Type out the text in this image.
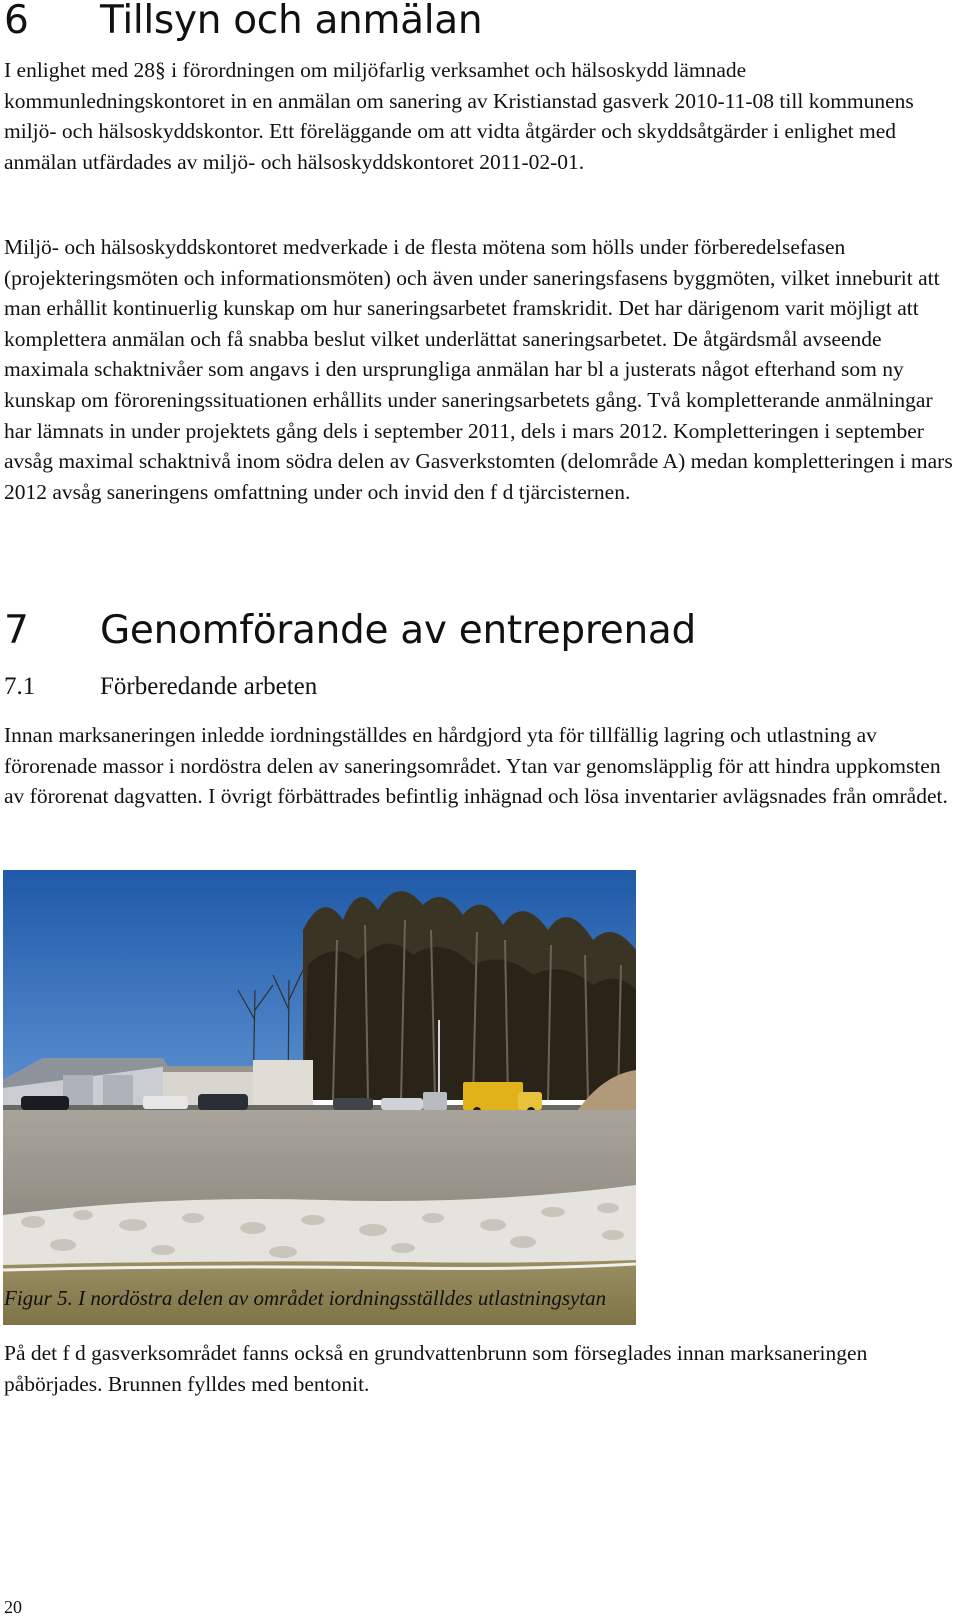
6 Tillsyn och anmälan

I enlighet med 28§ i förordningen om miljöfarlig verksamhet och hälsoskydd lämnade kommunledningskontoret in en anmälan om sanering av Kristianstad gasverk 2010-11-08 till kommunens miljö- och hälsoskyddskontor. Ett föreläggande om att vidta åtgärder och skyddsåtgärder i enlighet med anmälan utfärdades av miljö- och hälsoskyddskontoret 2011-02-01.

Miljö- och hälsoskyddskontoret medverkade i de flesta mötena som hölls under förberedelsefasen (projekteringsmöten och informationsmöten) och även under saneringsfasens byggmöten, vilket inneburit att man erhållit kontinuerlig kunskap om hur saneringsarbetet framskridit. Det har därigenom varit möjligt att komplettera anmälan och få snabba beslut vilket underlättat saneringsarbetet. De åtgärdsmål avseende maximala schaktnivåer som angavs i den ursprungliga anmälan har bl a justerats något efterhand som ny kunskap om föroreningssituationen erhållits under saneringsarbetets gång. Två kompletterande anmälningar har lämnats in under projektets gång dels i september 2011, dels i mars 2012. Kompletteringen i september avsåg maximal schaktnivå inom södra delen av Gasverkstomten (delområde A) medan kompletteringen i mars 2012 avsåg saneringens omfattning under och invid den f d tjärcisternen.

7 Genomförande av entreprenad
7.1	Förberedande arbeten

Innan marksaneringen inledde iordningställdes en hårdgjord yta för tillfällig lagring och utlastning av förorenade massor i nordöstra delen av saneringsområdet. Ytan var genomsläpplig för att hindra uppkomsten av förorenat dagvatten. I övrigt förbättrades befintlig inhägnad och lösa inventarier avlägsnades från området.

Figur 5. I nordöstra delen av området iordningsställdes utlastningsytan

På det f d gasverksområdet fanns också en grundvattenbrunn som förseglades innan marksaneringen påbörjades. Brunnen fylldes med bentonit.

20
